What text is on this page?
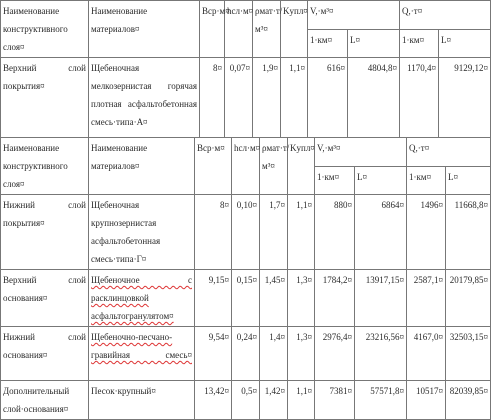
Наименование конструктивного слоя¤	Наименование материалов¤	Bср·м¤	hсл·м¤	ρмат·т/м³¤	Kупл¤	V,·м³¤		Q,·т¤	
						1·км¤	L¤	1·км¤	L¤
Верхний слой покрытия¤	Щебеночная мелкозернистая горячая плотная асфальтобетонная смесь·типа·А¤	8¤	0,07¤	1,9¤	1,1¤	616¤	4804,8¤	1170,4¤	9129,12¤
Наименование конструктивного слоя¤	Наименование материалов¤	Bср·м¤	hсл·м¤	ρмат·т/м³¤	Kупл¤	V,·м³¤		Q,·т¤	
						1·км¤	L¤	1·км¤	L¤
Нижний слой покрытия¤	Щебеночная крупнозернистая асфальтобетонная смесь·типа·Г¤	8¤	0,10¤	1,7¤	1,1¤	880¤	6864¤	1496¤	11668,8¤
Верхний слой основания¤	Щебеночное с расклинцовкой асфальтогранулятом¤	9,15¤	0,15¤	1,45¤	1,3¤	1784,2¤	13917,15¤	2587,1¤	20179,85¤
Нижний слой основания¤	Щебеночно-песчано-гравийная смесь¤	9,54¤	0,24¤	1,4¤	1,3¤	2976,4¤	23216,56¤	4167,0¤	32503,15¤
Дополнительный слой·основания¤	Песок·крупный¤	13,42¤	0,5¤	1,42¤	1,1¤	7381¤	57571,8¤	10517¤	82039,85¤
